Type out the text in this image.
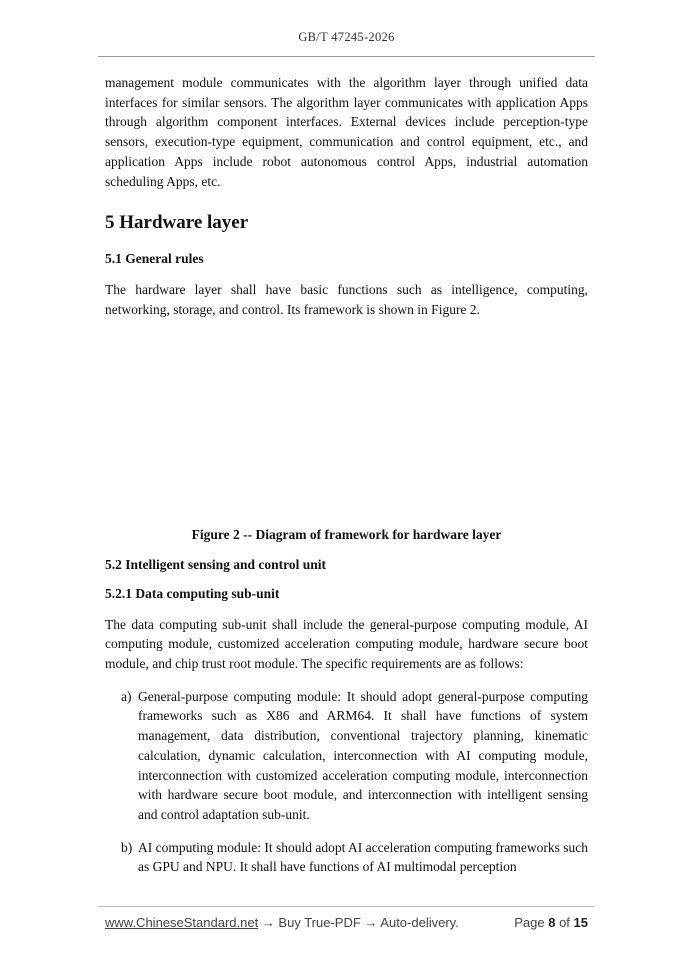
GB/T 47245-2026

management module communicates with the algorithm layer through unified data interfaces for similar sensors. The algorithm layer communicates with application Apps through algorithm component interfaces. External devices include perception-type sensors, execution-type equipment, communication and control equipment, etc., and application Apps include robot autonomous control Apps, industrial automation scheduling Apps, etc.

5 Hardware layer
5.1 General rules

The hardware layer shall have basic functions such as intelligence, computing, networking, storage, and control. Its framework is shown in Figure 2.

Figure 2 -- Diagram of framework for hardware layer

5.2 Intelligent sensing and control unit
5.2.1 Data computing sub-unit

The data computing sub-unit shall include the general-purpose computing module, AI computing module, customized acceleration computing module, hardware secure boot module, and chip trust root module. The specific requirements are as follows:

a) General-purpose computing module: It should adopt general-purpose computing frameworks such as X86 and ARM64. It shall have functions of system management, data distribution, conventional trajectory planning, kinematic calculation, dynamic calculation, interconnection with AI computing module, interconnection with customized acceleration computing module, interconnection with hardware secure boot module, and interconnection with intelligent sensing and control adaptation sub-unit.
b) AI computing module: It should adopt AI acceleration computing frameworks such as GPU and NPU. It shall have functions of AI multimodal perception
www.ChineseStandard.net → Buy True-PDF → Auto-delivery.	Page 8 of 15
